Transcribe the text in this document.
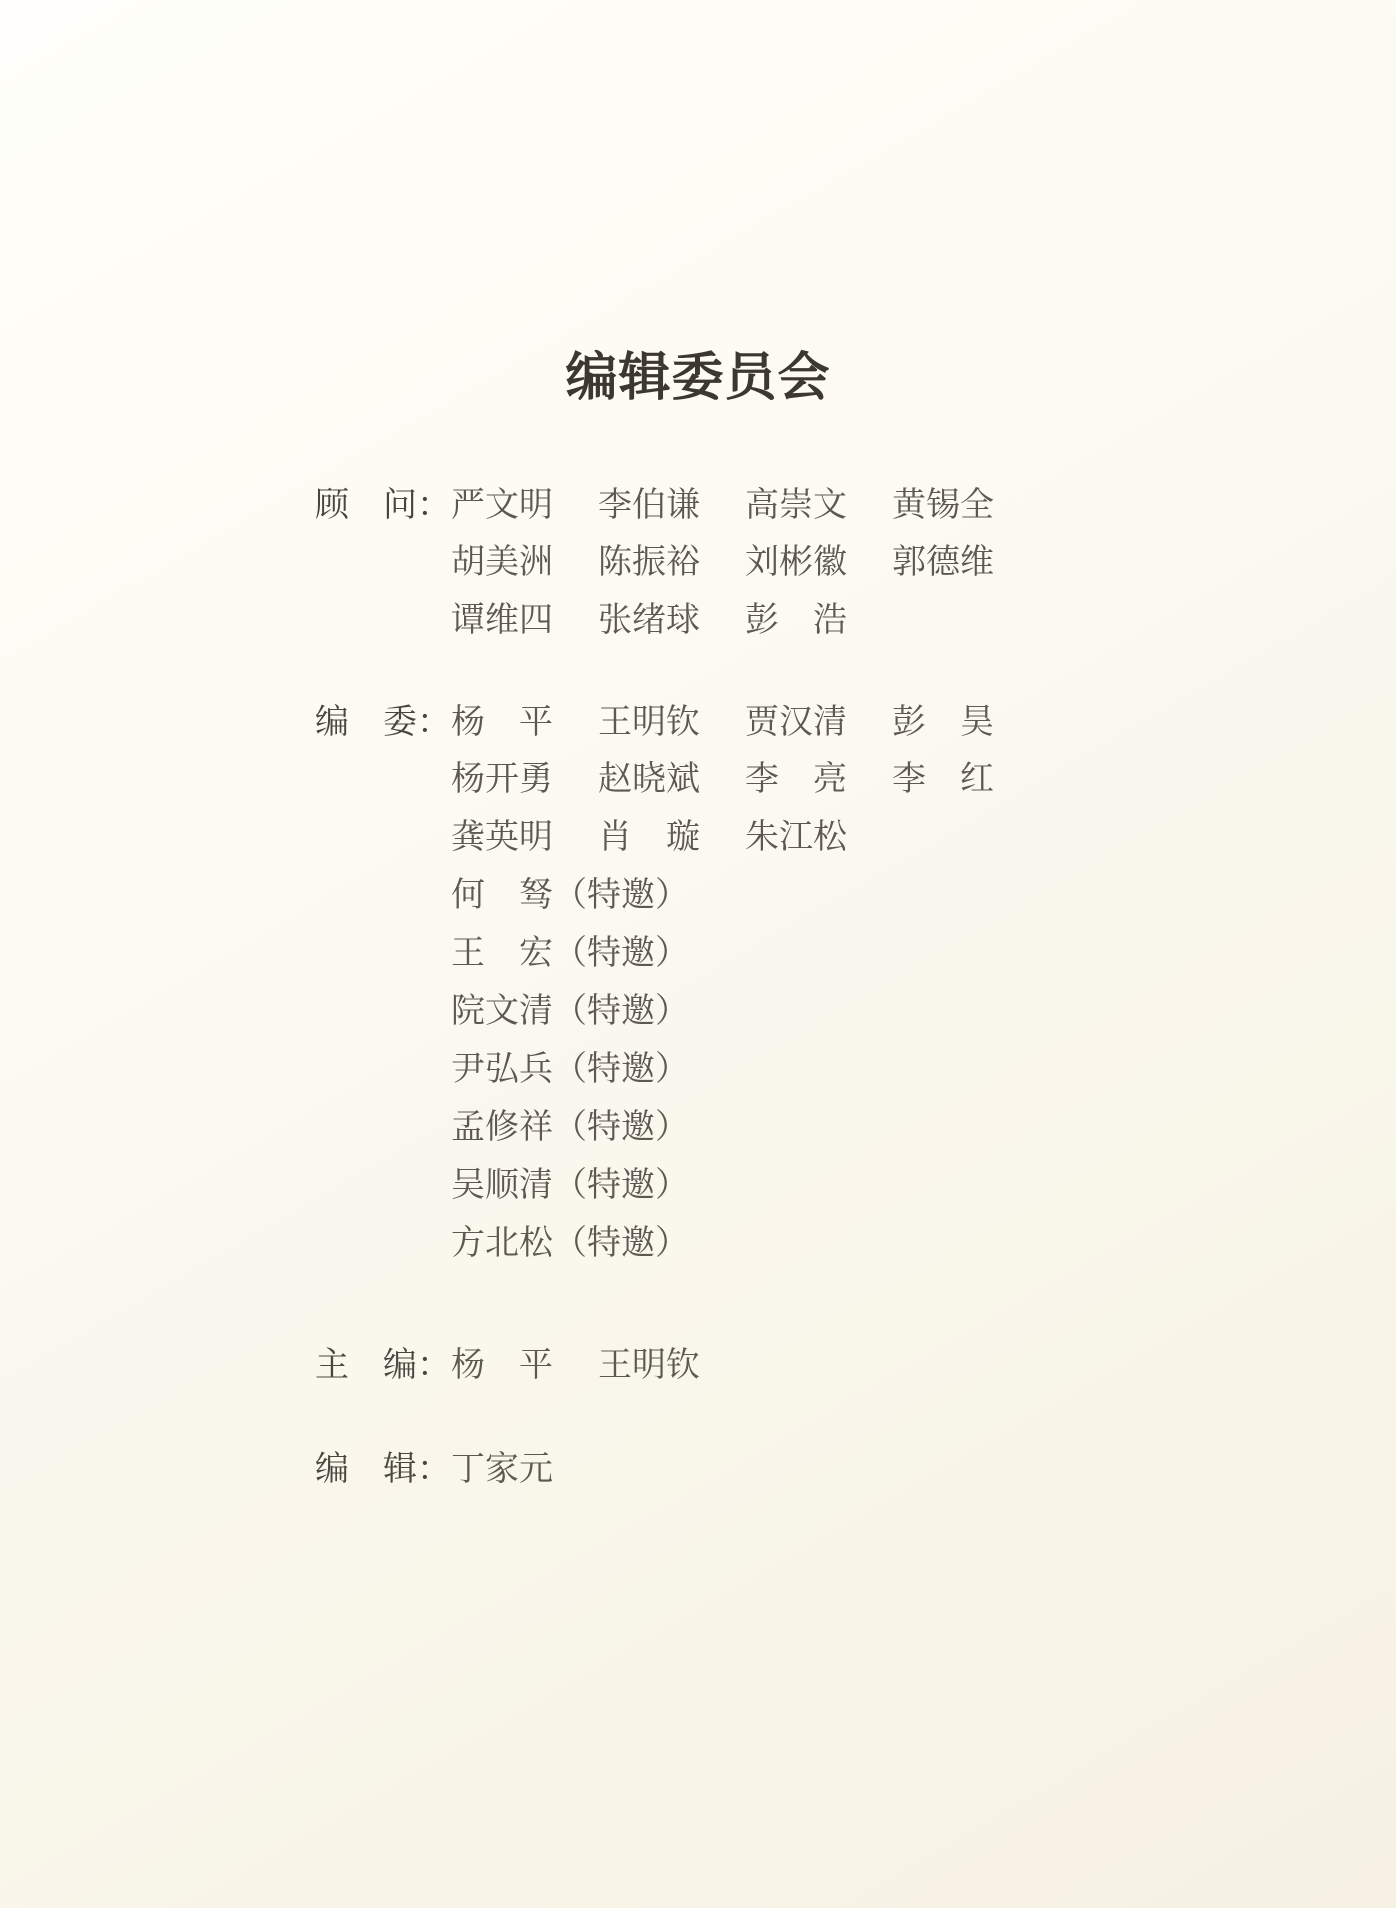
编辑委员会
顾　问：严文明 李伯谦 高崇文 黄锡全
胡美洲 陈振裕 刘彬徽 郭德维
谭维四 张绪球 彭　浩
编　委：杨　平 王明钦 贾汉清 彭　昊
杨开勇 赵晓斌 李　亮 李　红
龚英明 肖　璇 朱江松
何　驽（特邀）
王　宏（特邀）
院文清（特邀）
尹弘兵（特邀）
孟修祥（特邀）
吴顺清（特邀）
方北松（特邀）
主　编：杨　平 王明钦
编　辑：丁家元
